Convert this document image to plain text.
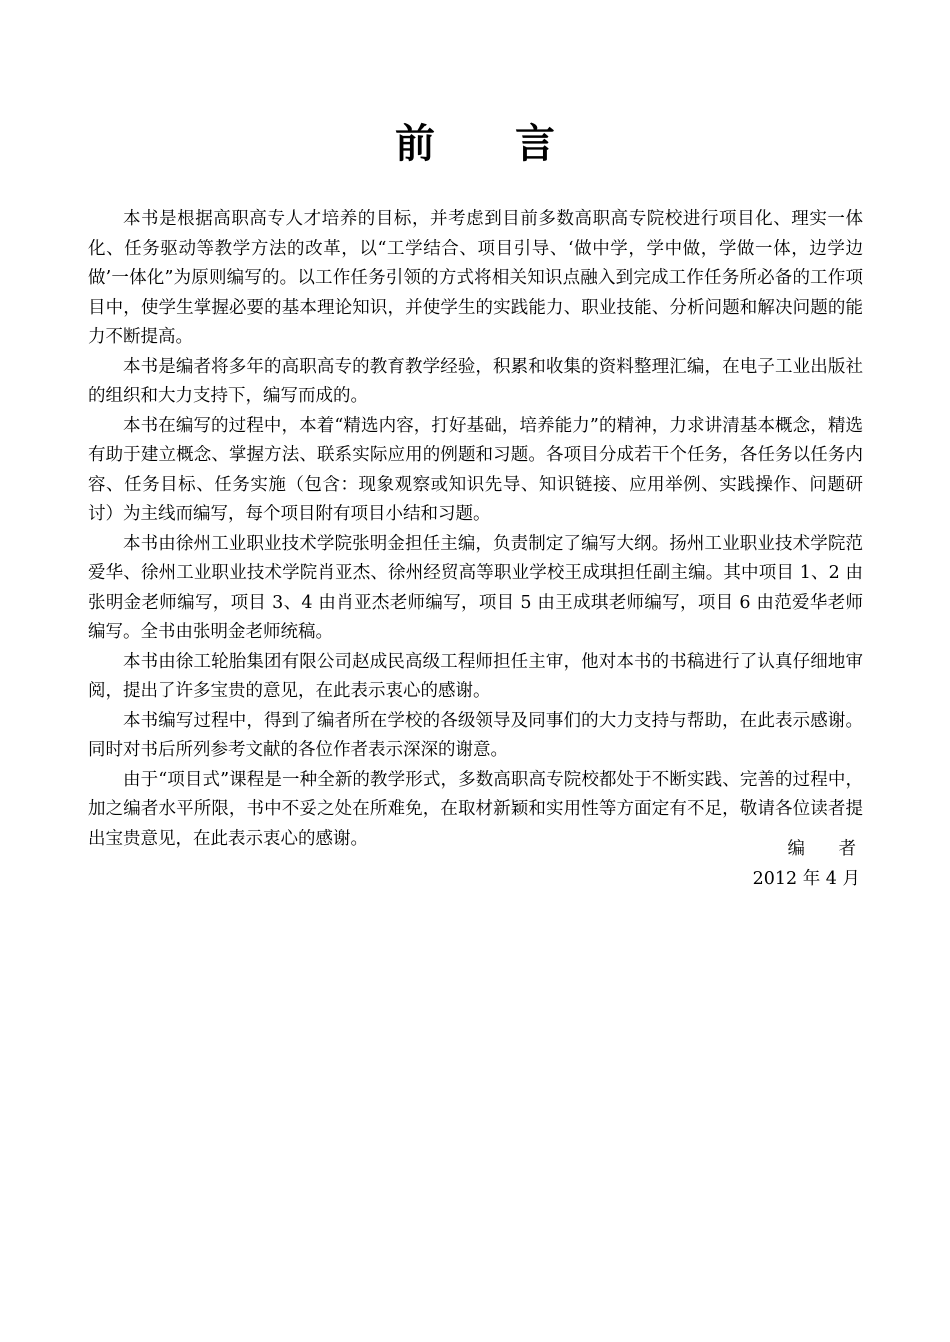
前　　言

本书是根据高职高专人才培养的目标，并考虑到目前多数高职高专院校进行项目化、理实一体化、任务驱动等教学方法的改革，以“工学结合、项目引导、‘做中学，学中做，学做一体，边学边做’一体化”为原则编写的。以工作任务引领的方式将相关知识点融入到完成工作任务所必备的工作项目中，使学生掌握必要的基本理论知识，并使学生的实践能力、职业技能、分析问题和解决问题的能力不断提高。

本书是编者将多年的高职高专的教育教学经验，积累和收集的资料整理汇编，在电子工业出版社的组织和大力支持下，编写而成的。

本书在编写的过程中，本着“精选内容，打好基础，培养能力”的精神，力求讲清基本概念，精选有助于建立概念、掌握方法、联系实际应用的例题和习题。各项目分成若干个任务，各任务以任务内容、任务目标、任务实施（包含：现象观察或知识先导、知识链接、应用举例、实践操作、问题研讨）为主线而编写，每个项目附有项目小结和习题。

本书由徐州工业职业技术学院张明金担任主编，负责制定了编写大纲。扬州工业职业技术学院范爱华、徐州工业职业技术学院肖亚杰、徐州经贸高等职业学校王成琪担任副主编。其中项目 1、2 由张明金老师编写，项目 3、4 由肖亚杰老师编写，项目 5 由王成琪老师编写，项目 6 由范爱华老师编写。全书由张明金老师统稿。

本书由徐工轮胎集团有限公司赵成民高级工程师担任主审，他对本书的书稿进行了认真仔细地审阅，提出了许多宝贵的意见，在此表示衷心的感谢。

本书编写过程中，得到了编者所在学校的各级领导及同事们的大力支持与帮助，在此表示感谢。同时对书后所列参考文献的各位作者表示深深的谢意。

由于“项目式”课程是一种全新的教学形式，多数高职高专院校都处于不断实践、完善的过程中，加之编者水平所限，书中不妥之处在所难免，在取材新颖和实用性等方面定有不足，敬请各位读者提出宝贵意见，在此表示衷心的感谢。

编　者
2012 年 4 月
